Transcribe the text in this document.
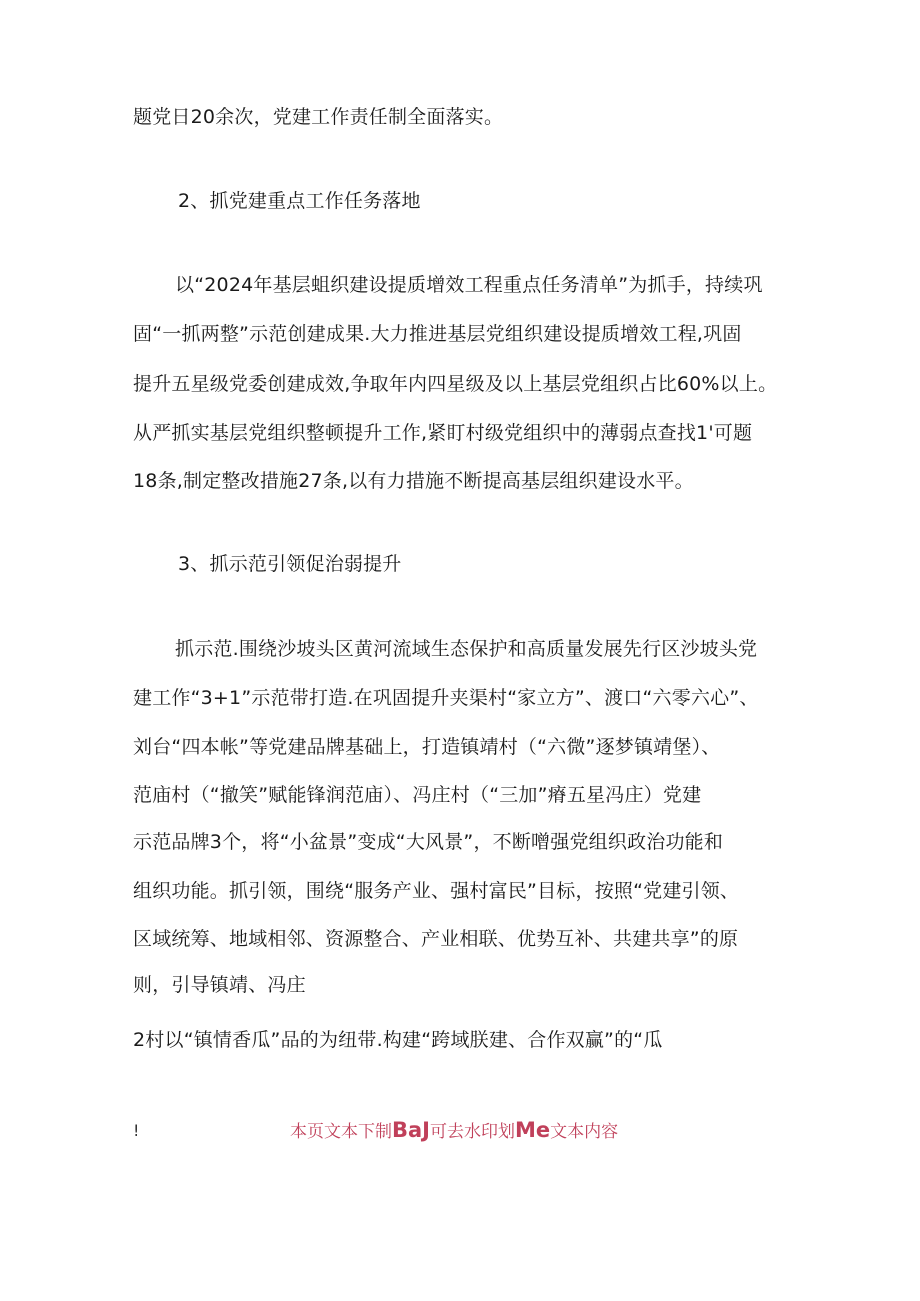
题党日20余次，党建工作责任制全面落实。
2、抓党建重点工作任务落地
以“2024年基层蛆织建设提质增效工程重点任务清单”为抓手，持续巩
固“一抓两整”示范创建成果.大力推进基层党组织建设提质增效工程,巩固
提升五星级党委创建成效,争取年内四星级及以上基层党组织占比60%以上。
从严抓实基层党组织整顿提升工作,紧盯村级党组织中的薄弱点查找1'可题
18条,制定整改措施27条,以有力措施不断提高基层组织建设水平。
3、抓示范引领促治弱提升
抓示范.围绕沙坡头区黄河流域生态保护和高质量发展先行区沙坡头党
建工作“3+1”示范带打造.在巩固提升夹渠村“家立方”、渡口“六零六心”、
刘台“四本帐”等党建品牌基础上，打造镇靖村（“六微”逐梦镇靖堡）、
范庙村（“撤笑”赋能锋润范庙）、冯庄村（“三加”瘠五星冯庄）党建
示范品牌3个，将“小盆景”变成“大风景”，不断噌强党组织政治功能和
组织功能。抓引领，围绕“服务产业、强村富民”目标，按照“党建引领、
区域统筹、地域相邻、资源整合、产业相联、优势互补、共建共享”的原
则，引导镇靖、冯庄
2村以“镇情香瓜”品的为纽带.构建“跨域朕建、合作双赢”的“瓜
!	本页文本下制BaJ可去水印划Me文本内容
